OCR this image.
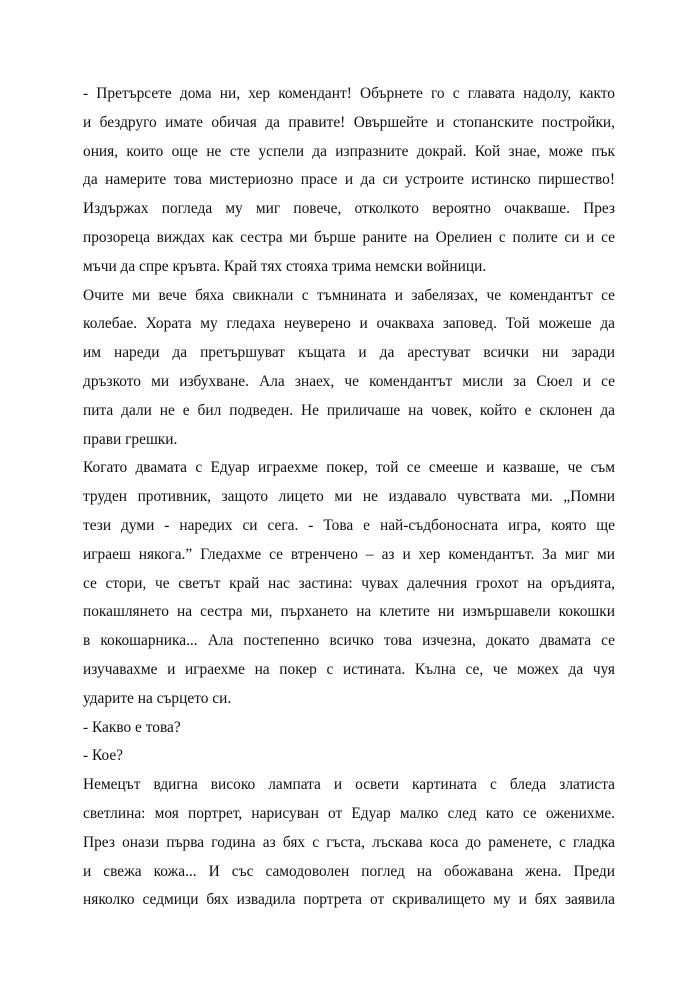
- Претърсете дома ни, хер комендант! Обърнете го с главата надолу, както
и бездруго имате обичая да правите! Овършейте и стопанските постройки,
ония, които още не сте успели да изпразните докрай. Кой знае, може пък
да намерите това мистериозно прасе и да си устроите истинско пиршество!
Издържах погледа му миг повече, отколкото вероятно очакваше. През
прозореца виждах как сестра ми бърше раните на Орелиен с полите си и се
мъчи да спре кръвта. Край тях стояха трима немски войници.
Очите ми вече бяха свикнали с тъмнината и забелязах, че комендантът се
колебае. Хората му гледаха неуверено и очакваха заповед. Той можеше да
им нареди да претършуват къщата и да арестуват всички ни заради
дръзкото ми избухване. Ала знаех, че комендантът мисли за Сюел и се
пита дали не е бил подведен. Не приличаше на човек, който е склонен да
прави грешки.
Когато двамата с Едуар играехме покер, той се смееше и казваше, че съм
труден противник, защото лицето ми не издавало чувствата ми. „Помни
тези думи - наредих си сега. - Това е най-съдбоносната игра, която ще
играеш някога.” Гледахме се втренчено – аз и хер комендантът. За миг ми
се стори, че светът край нас застина: чувах далечния грохот на оръдията,
покашлянето на сестра ми, пърхането на клетите ни измършавели кокошки
в кокошарника... Ала постепенно всичко това изчезна, докато двамата се
изучавахме и играехме на покер с истината. Кълна се, че можех да чуя
ударите на сърцето си.
- Какво е това?
- Кое?
Немецът вдигна високо лампата и освети картината с бледа златиста
светлина: моя портрет, нарисуван от Едуар малко след като се оженихме.
През онази първа година аз бях с гъста, лъскава коса до раменете, с гладка
и свежа кожа... И със самодоволен поглед на обожавана жена. Преди
няколко седмици бях извадила портрета от скривалището му и бях заявила
